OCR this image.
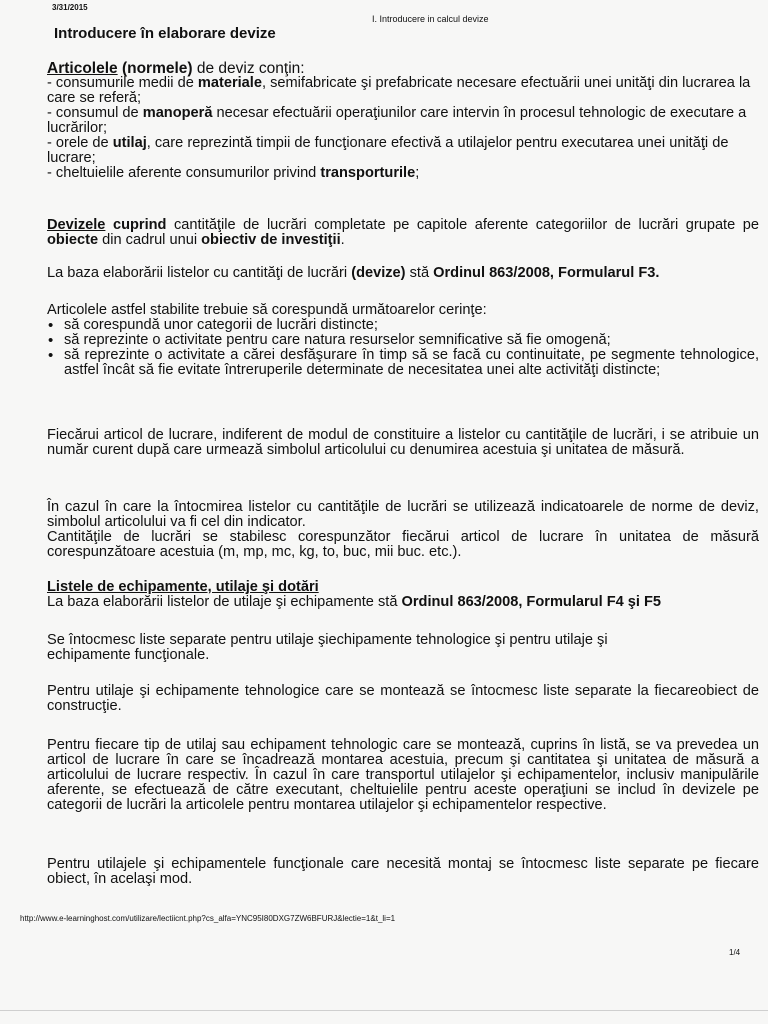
3/31/2015
I. Introducere in calcul devize
Introducere în elaborare devize
Articolele (normele) de deviz conţin:
- consumurile medii de materiale, semifabricate şi prefabricate necesare efectuării unei unităţi din lucrarea la care se referă;
- consumul de manoperă necesar efectuării operaţiunilor care intervin în procesul tehnologic de executare a lucrărilor;
- orele de utilaj, care reprezintă timpii de funcţionare efectivă a utilajelor pentru executarea unei unităţi de lucrare;
- cheltuielile aferente consumurilor privind transporturile;
Devizele cuprind cantităţile de lucrări completate pe capitole aferente categoriilor de lucrări grupate pe obiecte din cadrul unui obiectiv de investiţii.
La baza elaborării listelor cu cantităţi de lucrări (devize) stă Ordinul 863/2008, Formularul F3.
Articolele astfel stabilite trebuie să corespundă următoarelor cerinţe:
• să corespundă unor categorii de lucrări distincte;
• să reprezinte o activitate pentru care natura resurselor semnificative să fie omogenă;
• să reprezinte o activitate a cărei desfăşurare în timp să se facă cu continuitate, pe segmente tehnologice, astfel încât să fie evitate întreruperile determinate de necesitatea unei alte activităţi distincte;
Fiecărui articol de lucrare, indiferent de modul de constituire a listelor cu cantităţile de lucrări, i se atribuie un număr curent după care urmează simbolul articolului cu denumirea acestuia şi unitatea de măsură.
În cazul în care la întocmirea listelor cu cantităţile de lucrări se utilizează indicatoarele de norme de deviz, simbolul articolului va fi cel din indicator.
Cantităţile de lucrări se stabilesc corespunzător fiecărui articol de lucrare în unitatea de măsură corespunzătoare acestuia (m, mp, mc, kg, to, buc, mii buc. etc.).
Listele de echipamente, utilaje şi dotări
La baza elaborării listelor de utilaje şi echipamente stă Ordinul 863/2008, Formularul F4 şi F5
Se întocmesc liste separate pentru utilaje şiechipamente tehnologice şi pentru utilaje şi echipamente funcţionale.
Pentru utilaje şi echipamente tehnologice care se montează se întocmesc liste separate la fiecareobiect de construcţie.
Pentru fiecare tip de utilaj sau echipament tehnologic care se montează, cuprins în listă, se va prevedea un articol de lucrare în care se încadrează montarea acestuia, precum şi cantitatea şi unitatea de măsură a articolului de lucrare respectiv. În cazul în care transportul utilajelor şi echipamentelor, inclusiv manipulările aferente, se efectuează de către executant, cheltuielile pentru aceste operaţiuni se includ în devizele pe categorii de lucrări la articolele pentru montarea utilajelor şi echipamentelor respective.
Pentru utilajele şi echipamentele funcţionale care necesită montaj se întocmesc liste separate pe fiecare obiect, în acelaşi mod.
http://www.e-learninghost.com/utilizare/lectiicnt.php?cs_alfa=YNC95I80DXG7ZW6BFURJ&lectie=1&t_li=1
1/4
